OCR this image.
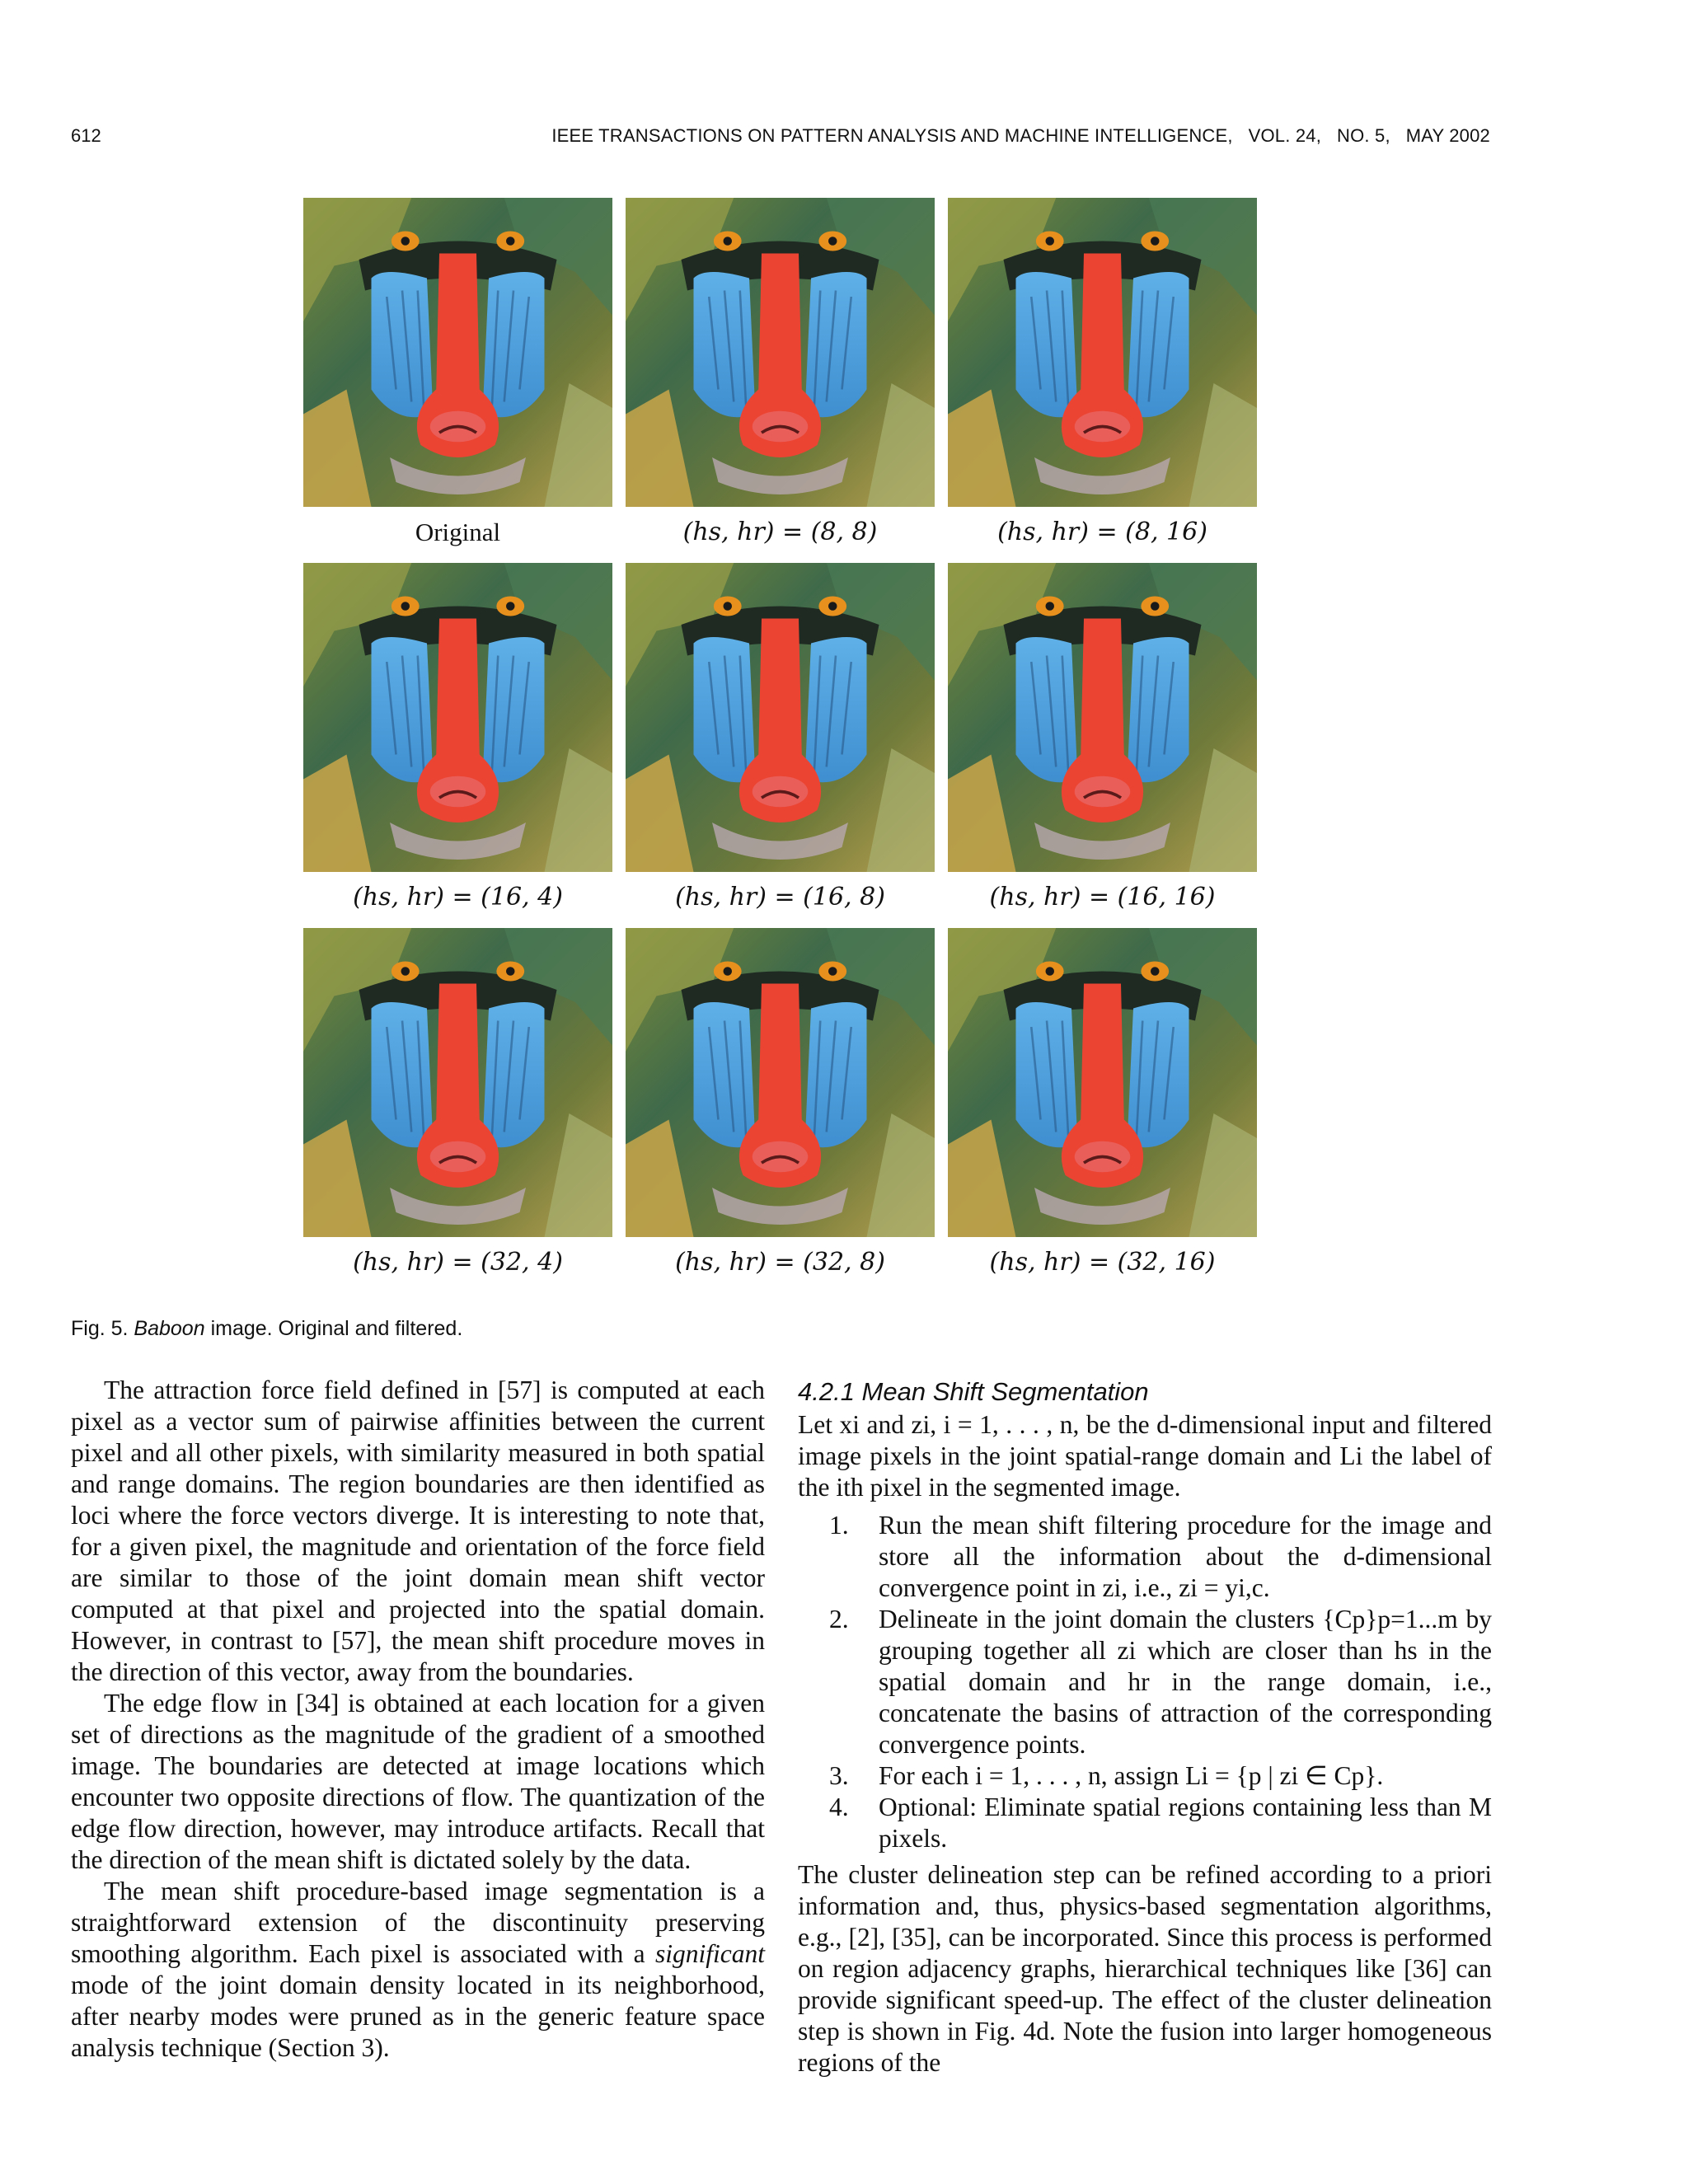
612	IEEE TRANSACTIONS ON PATTERN ANALYSIS AND MACHINE INTELLIGENCE,   VOL. 24,   NO. 5,   MAY 2002
Original	(hs, hr) = (8, 8)	(hs, hr) = (8, 16)
(hs, hr) = (16, 4)	(hs, hr) = (16, 8)	(hs, hr) = (16, 16)
(hs, hr) = (32, 4)	(hs, hr) = (32, 8)	(hs, hr) = (32, 16)
Fig. 5. Baboon image. Original and filtered.

The attraction force field defined in [57] is computed at each pixel as a vector sum of pairwise affinities between the current pixel and all other pixels, with similarity measured in both spatial and range domains. The region boundaries are then identified as loci where the force vectors diverge. It is interesting to note that, for a given pixel, the magnitude and orientation of the force field are similar to those of the joint domain mean shift vector computed at that pixel and projected into the spatial domain. However, in contrast to [57], the mean shift procedure moves in the direction of this vector, away from the boundaries.

The edge flow in [34] is obtained at each location for a given set of directions as the magnitude of the gradient of a smoothed image. The boundaries are detected at image locations which encounter two opposite directions of flow. The quantization of the edge flow direction, however, may introduce artifacts. Recall that the direction of the mean shift is dictated solely by the data.

The mean shift procedure-based image segmentation is a straightforward extension of the discontinuity preserving smoothing algorithm. Each pixel is associated with a significant mode of the joint domain density located in its neighborhood, after nearby modes were pruned as in the generic feature space analysis technique (Section 3).

4.2.1 Mean Shift Segmentation

Let xi and zi, i = 1, . . . , n, be the d-dimensional input and filtered image pixels in the joint spatial-range domain and Li the label of the ith pixel in the segmented image.

1.	Run the mean shift filtering procedure for the image and store all the information about the d-dimensional convergence point in zi, i.e., zi = yi,c.
2.	Delineate in the joint domain the clusters {Cp}p=1...m by grouping together all zi which are closer than hs in the spatial domain and hr in the range domain, i.e., concatenate the basins of attraction of the corresponding convergence points.
3.	For each i = 1, . . . , n, assign Li = {p | zi ∈ Cp}.
4.	Optional: Eliminate spatial regions containing less than M pixels.

The cluster delineation step can be refined according to a priori information and, thus, physics-based segmentation algorithms, e.g., [2], [35], can be incorporated. Since this process is performed on region adjacency graphs, hierarchical techniques like [36] can provide significant speed-up. The effect of the cluster delineation step is shown in Fig. 4d. Note the fusion into larger homogeneous regions of the
